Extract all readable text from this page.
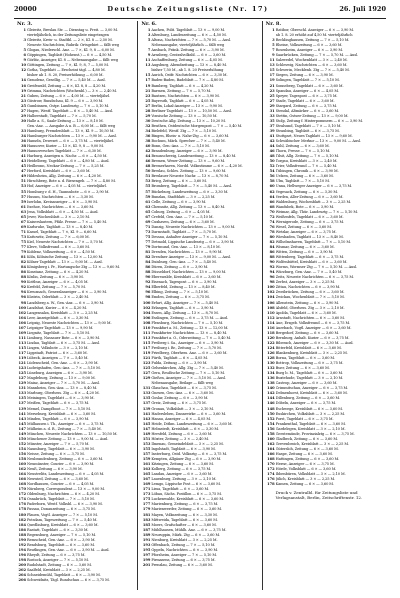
20000	Deutsche Zeitungsliste (Nr. 17)	26. Juli 1920
Nr. 3.
1 Gleiwitz, Breslau Str. — Dienstag u. Freit. — 3,00 M.
vierteljährlich, in der Zeitungsliste eingetragen
3 Gleiwitz, Kreis- u. Stadtbl. — 2 ×, Kl. 8 — 2,50 M.
Neueste Nachrichten, Rubrik: Ortsgebiet — fällt weg
5 Glogau, Niederschl. Anz. — 7 ×, Kl. 9, 8 — 6,00 M.
6 Göppingen, Tagblatt (Hohenst.) — 6 × — 4,50 M.
9 Görlitz, Anzeiger, Kl. 8 — Nebenausgabe — fällt weg
10 Göttingen, Zeitung — 7 ×, Kl. 9, 8, 7 — 5,00 M.
12 Gotha, Tageblatt — Erscheint tägl. — 4,80 M.
bisher ab 1. 8. 20, Preiserhöhung — 6,00 M.
14 Graudenz, Gesellig. — 7 × — 5,40 M. — Ausl.
16 Greifswald, Zeitung — 6 ×, Kl. 8, 8 — 4,20 M.
19 Grimma, Nachrichten (Wochenbl.) — 3 × — 2,40 M.
21 Guben, Zeitung — 6 × — 4,00 M. — vierteljährl.
23 Güstrow, Rundschau, Kl. 9 — 6 × — 3,90 M.
25 Gumbinnen, Ostpr. Landesztg — 7 × — 5,10 M.
27 Hagen, Westf. Tageblatt — 6 × — 5,40 M. — Ausl.
29 Halberstadt, Tageblatt — 7 × — 5,70 M.
30 Halle a. S., Saale-Zeitung — 13 × — 8,10 M.
Gen.-Anz. — Ausgabe A u. B — 6,00 M. — fällt weg
33 Hamburg, Fremdenblatt — 13 ×, Kl. 9 — 10,50 M.
34 Hamburger Nachrichten — 13 × — 9,90 M. — Ausl.
36 Hameln, Dewezet — 6 × — 3,75 M. — vierteljährl.
38 Hannover, Kurier — 13 ×, Kl. 9, 8 — 9,00 M.
39 Hannoversches Tageblatt — 7 × — 6,30 M.
41 Harburg, Anzeigen u. Nachr. — 6 × — 4,50 M.
43 Heidelberg, Tageblatt — 6 × — 4,80 M. — Ausl.
45 Heilbronn, Neckar-Zeitung — 7 × — 5,25 M.
47 Herford, Kreisblatt — 6 × — 3,60 M.
49 Hildesheim, Allg. Zeitung — 6 × — 4,20 M.
51 Hirschberg, Bote a. d. Riesengeb. — 7 × — 4,80 M.
53 Hof, Anzeiger — 6 × — 4,05 M. — vierteljährl.
55 Homburg v. d. H., Taunusbote — 6 × — 3,90 M.
57 Husum, Nachrichten — 6 × — 3,30 M.
59 Iserlohn, Kreisanzeiger — 6 × — 3,90 M.
61 Itzehoe, Nachrichten — 6 × — 3,60 M.
63 Jena, Volksblatt — 6 × — 4,50 M. — Ausl.
65 Jever, Wochenblatt — 3 × — 2,10 M.
67 Kaiserslautern, Pfälz. Presse — 7 × — 5,40 M.
69 Karlsruhe, Tagblatt — 13 × — 8,40 M.
71 Kassel, Tageblatt — 7 ×, Kl. 9 — 6,60 M.
73 Kattowitz, Zeitung — 7 × — 6,00 M.
75 Kiel, Neueste Nachrichten — 7 × — 5,70 M.
77 Kleve, Volksfreund — 6 × — 3,60 M.
79 Koblenz, Volkszeitung — 6 × — 4,50 M.
81 Köln, Kölnische Zeitung — 13 × — 12,00 M.
82 Kölner Tageblatt — 13 × — 9,00 M. — Ausl.
84 Königsberg i. Pr., Hartungsche Ztg — 13 × — 9,60 M.
86 Konstanz, Zeitung — 6 × — 4,20 M.
88 Köslin, Zeitung — 6 × — 3,90 M.
90 Kottbus, Anzeiger — 6 × — 4,05 M.
92 Krefeld, Zeitung — 7 × — 5,70 M.
94 Kreuznach, Generalanzeiger — 6 × — 3,90 M.
96 Küstrin, Oderblatt — 3 × — 2,40 M.
98 Landsberg a. W., Gen.-Anz. — 6 × — 3,90 M.
100 Landshut, Kurier — 6 × — 4,20 M.
102 Langensalza, Kreisblatt — 3 × — 2,25 M.
104 Leer, Anzeigeblatt — 6 × — 3,30 M.
106 Leipzig, Neueste Nachrichten — 13 × — 9,00 M.
107 Leipziger Tageblatt — 13 × — 9,90 M.
109 Liegnitz, Tageblatt — 7 × — 5,10 M.
111 Limburg, Nassauer Bote — 6 × — 3,90 M.
113 Lindau, Tagblatt — 6 × — 3,75 M. — Ausl.
115 Lingen, Volksbote — 3 × — 2,10 M.
117 Lippstadt, Patriot — 6 × — 3,60 M.
119 Lübeck, Anzeigen — 7 × — 5,40 M.
121 Lüdenscheid, Gen.-Anz. — 6 × — 3,90 M.
123 Ludwigshafen, Gen.-Anz. — 7 × — 5,10 M.
125 Lüneburg, Anzeigen — 6 × — 3,90 M.
127 Magdeburg, Zeitung — 13 × — 9,00 M.
129 Mainz, Anzeiger — 7 × — 5,70 M. — Ausl.
131 Mannheim, Gen.-Anz. — 13 × — 8,40 M.
133 Marburg, Oberhess. Ztg — 6 × — 4,20 M.
135 Meiningen, Tageblatt — 6 × — 3,90 M.
137 Meißen, Tageblatt — 6 × — 3,75 M.
139 Memel, Dampfboot — 7 × — 5,10 M.
141 Merseburg, Kreisblatt — 6 × — 3,60 M.
143 Minden, Tageblatt — 6 × — 3,90 M.
145 Mülhausen i. Th., Anzeiger — 6 × — 3,75 M.
147 Mülheim a. d. R., Zeitung — 7 × — 5,40 M.
149 München, Neueste Nachrichten — 13 × — 10,50 M.
150 Münchener Zeitung — 13 × — 9,00 M. — Ausl.
152 Münster, Anzeiger — 7 × — 5,70 M.
154 Naumburg, Tageblatt — 6 × — 3,90 M.
156 Neisse, Zeitung — 6 × — 3,75 M.
158 Neubrandenburg, Zeitung — 6 × — 3,60 M.
160 Neumünster, Courier — 6 × — 3,90 M.
162 Neuß, Zeitung — 6 × — 3,90 M.
164 Neustrelitz, Landeszeitung — 6 × — 4,05 M.
166 Neuwied, Zeitung — 6 × — 3,60 M.
168 Nordhausen, Courier — 6 × — 4,05 M.
170 Nürnberg, Correspondent — 13 × — 9,00 M.
172 Oldenburg, Nachrichten — 6 × — 4,20 M.
174 Osnabrück, Tageblatt — 7 × — 5,10 M.
176 Paderborn, Westf. Volksbl. — 6 × — 3,90 M.
178 Passau, Donauzeitung — 6 × — 3,75 M.
180 Plauen, Vogtl. Anzeiger — 7 × — 5,10 M.
182 Potsdam, Tageszeitung — 7 × — 5,40 M.
184 Quedlinburg, Kreisblatt — 6 × — 3,60 M.
186 Rastatt, Tageblatt — 6 × — 3,30 M.
188 Regensburg, Anzeiger — 7 × — 5,10 M.
190 Remscheid, Gen.-Anz. — 6 × — 3,90 M.
192 Rendsburg, Tageblatt — 6 × — 3,60 M.
194 Reutlingen, Gen.-Anz. — 6 × — 3,90 M. — Ausl.
196 Rheydt, Zeitung — 6 × — 3,75 M.
198 Rostock, Anzeiger — 7 × — 5,10 M.
200 Rudolstadt, Zeitung — 6 × — 3,60 M.
202 Saalfeld, Kreisblatt — 3 × — 2,25 M.
204 Schneidemühl, Tageblatt — 6 × — 3,90 M.
206 Schweidnitz, Tägl. Rundschau — 6 × — 3,75 M.
Nr. 6.
1 Aachen, Polit. Tageblatt — 13 × — 9,00 M.
3 Altenburg, Landeszeitung — 6 × — 4,50 M.
5 Altona, Nachrichten — 7 × — 5,70 M. — Ausl.
Nebenausgabe, vierteljährlich — fällt weg
7 Ansbach, Fränk. Zeitung — 6 × — 3,90 M.
9 Arnsberg, Centralvolksbl. — 6 × — 3,60 M.
11 Aschaffenburg, Zeitung — 6 × — 4,05 M.
13 Augsburg, Abendzeitung — 13 × — 8,40 M.
bisher 7,50 M., ab 1. 8. 20 Preiserhöhung
15 Aurich, Ostfr. Nachrichten — 6 × — 3,30 M.
17 Baden-Baden, Badeblatt — 7 × — 4,80 M.
19 Bamberg, Tagblatt — 6 × — 4,20 M.
21 Barmen, Zeitung — 7 × — 5,70 M.
23 Bautzen, Nachrichten — 6 × — 3,90 M.
25 Bayreuth, Tagblatt — 6 × — 4,05 M.
27 Berlin, Lokal-Anzeiger — 13 × — 9,90 M.
28 Berliner Tageblatt — 13 × — 10,50 M. — Ausl.
29 Vossische Zeitung — 13 × — 10,50 M.
30 Deutsche Allg. Zeitung — 13 × — 10,20 M.
32 Beuthen, Ostdeutsche Morgenpost — 7 × — 5,40 M.
34 Bielefeld, Westf. Ztg — 7 × — 5,10 M.
36 Bingen, Rhein- u. Nahe-Ztg — 6 × — 3,60 M.
38 Bochum, Märk. Sprecher — 7 × — 5,40 M.
40 Bonn, Gen.-Anz. — 7 × — 5,10 M.
42 Brandenburg, Anzeiger — 6 × — 3,90 M.
44 Braunschweig, Landeszeitung — 13 × — 8,40 M.
46 Bremen, Weser-Zeitung — 13 × — 9,60 M.
48 Bremerhaven, Nordd. Volksstimme — 6 × — 4,20 M.
50 Breslau, Schles. Zeitung — 13 × — 9,60 M.
51 Breslauer Neueste Nachr. — 13 × — 8,70 M.
53 Brieg, Zeitung — 6 × — 3,60 M.
55 Bromberg, Tageblatt — 7 × — 5,40 M. — Ausl.
57 Bückeburg, Landeszeitung — 6 × — 3,30 M.
59 Bunzlau, Stadtblatt — 3 × — 2,25 M.
61 Celle, Zeitung — 6 × — 3,90 M.
63 Chemnitz, Allg. Zeitung — 13 × — 8,40 M.
65 Coburg, Zeitung — 6 × — 4,05 M.
67 Crefeld, Gen.-Anz. — 7 × — 5,10 M.
69 Cuxhaven, Zeitung — 6 × — 3,60 M.
71 Danzig, Neueste Nachrichten — 13 × — 9,00 M.
73 Darmstadt, Tagblatt — 7 × — 5,70 M.
75 Dessau, Anhalter Anzeiger — 7 × — 5,10 M.
77 Detmold, Lippische Landesztg — 6 × — 3,90 M.
79 Dortmund, Gen.-Anz. — 13 × — 8,10 M.
81 Dresden, Nachrichten — 13 × — 9,90 M.
82 Dresdner Anzeiger — 13 × — 9,00 M. — Ausl.
84 Duisburg, Gen.-Anz. — 7 × — 5,40 M.
86 Düren, Zeitung — 6 × — 3,90 M.
88 Düsseldorf, Nachrichten — 13 × — 9,00 M.
90 Eberswalde, Kreisblatt — 6 × — 3,60 M.
92 Eisenach, Tagespost — 6 × — 3,90 M.
94 Elberfeld, Zeitung — 13 × — 8,40 M.
96 Elbing, Zeitung — 7 × — 5,10 M.
98 Emden, Zeitung — 6 × — 3,75 M.
100 Erfurt, Allg. Anzeiger — 7 × — 5,40 M.
102 Erlangen, Tagblatt — 6 × — 3,90 M.
104 Essen, Allg. Zeitung — 13 × — 8,70 M.
106 Esslingen, Zeitung — 6 × — 3,75 M. — Ausl.
108 Flensburg, Nachrichten — 7 × — 5,10 M.
110 Frankfurt a. M., Zeitung — 13 × — 12,00 M.
111 Frankfurter Nachrichten — 13 × — 8,40 M.
113 Frankfurt a. O., Oderzeitung — 7 × — 5,40 M.
115 Freiberg i. Sa., Anzeiger — 6 × — 3,90 M.
117 Freiburg i. Br., Zeitung — 7 × — 5,70 M.
119 Friedberg, Oberhess. Anz. — 6 × — 3,60 M.
121 Fürth, Tagblatt — 6 × — 4,05 M.
123 Fulda, Zeitung — 6 × — 3,90 M.
125 Gelsenkirchen, Allg. Ztg — 7 × — 5,40 M.
127 Gera, Reußische Zeitung — 7 × — 5,10 M.
129 Gießen, Anzeiger — 7 × — 5,10 M. — Ausl.
Nebenausgabe, Beilage — fällt weg
131 Glauchau, Tageblatt — 6 × — 3,75 M.
133 Gnesen, Gen.-Anz. — 6 × — 3,60 M.
135 Goslar, Zeitung — 6 × — 3,90 M.
137 Greiz, Zeitung — 6 × — 3,75 M.
139 Gronau, Volksblatt — 3 × — 2,10 M.
141 Hadersleben, Dannevirke — 6 × — 3,60 M.
143 Hanau, Anzeiger — 6 × — 4,05 M.
145 Heide, Dithm. Landeszeitung — 6 × — 3,60 M.
147 Helmstedt, Kreisblatt — 6 × — 3,30 M.
149 Hersfeld, Zeitung — 6 × — 3,60 M.
151 Höxter, Zeitung — 3 × — 2,40 M.
153 Ilmenau, Gemeindeblatt — 3 × — 2,25 M.
155 Ingolstadt, Tagblatt — 6 × — 3,90 M.
157 Insterburg, Ostd. Volksztg — 6 × — 3,75 M.
159 Kempten, Allgäuer Ztg — 6 × — 3,90 M.
161 Kitzingen, Zeitung — 6 × — 3,60 M.
163 Kolberg, Zeitung — 6 × — 3,75 M.
165 Landau, Anzeiger — 6 × — 3,60 M.
167 Lauenburg, Zeitung — 3 × — 2,10 M.
169 Lemgo, Lippische Post — 6 × — 3,60 M.
171 Lissa, Tageblatt — 6 × — 3,60 M.
173 Löbau, Sächs. Postillon — 6 × — 3,75 M.
175 Luckenwalde, Kreisblatt — 6 × — 3,60 M.
177 Marienburg, Zeitung — 6 × — 3,75 M.
179 Marienwerder, Zeitung — 6 × — 3,60 M.
181 Mayen, Volkszeitung — 6 × — 3,30 M.
183 Mittweida, Tageblatt — 6 × — 3,60 M.
185 Moers, Grafschafter — 6 × — 3,60 M.
187 Mühlhausen, Mühlh. Anz. — 6 × — 3,75 M.
189 Neuruppin, Märk. Ztg — 6 × — 3,60 M.
191 Nienburg, Kreisblatt — 3 × — 2,25 M.
193 Offenbach, Zeitung — 7 × — 5,10 M.
195 Oppeln, Nachrichten — 6 × — 3,90 M.
197 Pforzheim, Anzeiger — 7 × — 5,10 M.
199 Pirmasens, Zeitung — 6 × — 3,75 M.
201 Prenzlau, Zeitung — 6 × — 3,60 M.
Nr. 8.
1 Ratibor, Oberschl. Anzeiger — 6 × — 3,90 M.
ab 1. 8. 20 erhöht auf 4,50 M. vierteljährlich
3 Recklinghausen, Zeitung — 7 × — 5,10 M.
5 Rheine, Volkszeitung — 6 × — 3,60 M.
7 Rosenheim, Anzeiger — 6 × — 3,90 M.
9 Saarbrücken, Zeitung — 7 × — 5,70 M. — Ausl.
11 Salzwedel, Wochenblatt — 3 × — 2,40 M.
13 Schleswig, Nachrichten — 6 × — 3,60 M.
15 Schwerin, Mecklenb. Ztg — 7 × — 5,40 M.
17 Siegen, Zeitung — 6 × — 3,90 M.
19 Solingen, Tageblatt — 7 × — 5,10 M.
21 Sonneberg, Tageblatt — 6 × — 3,60 M.
23 Spandau, Anzeiger — 6 × — 4,05 M.
25 Speyer, Tagespost — 6 × — 3,75 M.
27 Stade, Tageblatt — 6 × — 3,60 M.
29 Stargard, Zeitung — 6 × — 3,75 M.
31 Stendal, Altmärker — 6 × — 3,60 M.
33 Stettin, Ostsee-Zeitung — 13 × — 9,00 M.
35 Stolp, Zeitung f. Hinterpommern — 6 × — 3,90 M.
37 Stralsund, Tageblatt — 7 × — 5,10 M.
39 Straubing, Tagblatt — 6 × — 3,75 M.
41 Stuttgart, Neues Tagblatt — 13 × — 9,60 M.
42 Schwäbischer Merkur — 13 × — 9,00 M. — Ausl.
44 Suhl, Zeitung — 6 × — 3,60 M.
46 Thorn, Presse — 7 × — 5,10 M.
48 Tilsit, Allg. Zeitung — 7 × — 5,10 M.
50 Torgau, Kreisblatt — 3 × — 2,40 M.
52 Trier, Volksfreund — 7 × — 5,40 M.
54 Tübingen, Chronik — 6 × — 3,90 M.
56 Uelzen, Zeitung — 6 × — 3,60 M.
58 Ulm, Tagblatt — 7 × — 5,10 M.
60 Unna, Hellweger Anzeiger — 6 × — 3,75 M.
62 Vegesack, Zeitung — 6 × — 3,30 M.
64 Verden, Aller-Zeitung — 6 × — 3,60 M.
66 Waldenburg, Wochenblatt — 3 × — 2,25 M.
68 Wandsbek, Bote — 6 × — 3,90 M.
70 Weimar, Allg. Thür. Landesztg — 7 × — 5,10 M.
72 Weißenfels, Tageblatt — 6 × — 3,60 M.
74 Wernigerode, Zeitung — 6 × — 3,75 M.
76 Wesel, Zeitung — 6 × — 3,60 M.
78 Wetzlar, Anzeiger — 6 × — 3,75 M.
80 Wiesbaden, Tagblatt — 13 × — 8,40 M.
82 Wilhelmshaven, Tageblatt — 7 × — 5,10 M.
84 Wismar, Zeitung — 6 × — 3,60 M.
86 Witten, Zeitung — 6 × — 3,90 M.
88 Wittenberg, Tageblatt — 6 × — 3,75 M.
90 Wolfenbüttel, Kreisblatt — 6 × — 3,60 M.
92 Worms, Wormser Ztg — 7 × — 5,10 M. — Ausl.
94 Würzburg, Gen.-Anz. — 7 × — 5,40 M.
96 Zeitz, Neueste Nachrichten — 6 × — 3,75 M.
98 Zerbst, Anzeiger — 3 × — 2,25 M.
100 Zittau, Nachrichten — 6 × — 3,90 M.
102 Zweibrücken, Zeitung — 6 × — 3,60 M.
104 Zwickau, Wochenblatt — 7 × — 5,10 M.
106 Allenstein, Zeitung — 6 × — 3,90 M.
108 Alsfeld, Oberhess. Ztg — 3 × — 2,10 M.
110 Apolda, Tageblatt — 6 × — 3,60 M.
112 Arnstadt, Nachrichten — 6 × — 3,60 M.
114 Aue, Erzgeb. Volksfreund — 6 × — 3,75 M.
116 Auerbach, Vogtl. Anzeiger — 6 × — 3,60 M.
118 Bergedorf, Zeitung — 6 × — 3,60 M.
120 Bernburg, Anhalt. Kurier — 6 × — 3,75 M.
122 Biberach, Anzeiger — 6 × — 3,30 M. — Ausl.
124 Bitterfeld, Kreisblatt — 6 × — 3,60 M.
126 Blankenburg, Kreisblatt — 3 × — 2,25 M.
128 Borna, Tageblatt — 6 × — 3,60 M.
130 Bottrop, Volkszeitung — 6 × — 3,75 M.
132 Buer, Zeitung — 6 × — 3,60 M.
134 Burg b. M., Tageblatt — 6 × — 3,60 M.
136 Buxtehude, Tageblatt — 3 × — 2,10 M.
138 Castrop, Anzeiger — 6 × — 3,60 M.
140 Crimmitschau, Anzeiger — 6 × — 3,75 M.
142 Delmenhorst, Kreisblatt — 6 × — 3,60 M.
144 Dillenburg, Zeitung — 6 × — 3,60 M.
146 Döbeln, Anzeiger — 6 × — 3,75 M.
148 Eschwege, Kreisblatt — 6 × — 3,60 M.
150 Euskirchen, Volksblatt — 3 × — 2,25 M.
152 Forst, Tageblatt — 6 × — 3,75 M.
154 Frankenthal, Tageblatt — 6 × — 3,60 M.
156 Gardelegen, Kreisblatt — 3 × — 2,10 M.
158 Geestemünde, Provinzialztg — 6 × — 3,75 M.
160 Gladbeck, Zeitung — 6 × — 3,60 M.
162 Grevenbroich, Kreisblatt — 3 × — 2,25 M.
164 Gütersloh, Zeitung — 6 × — 3,60 M.
166 Haspe, Zeitung — 6 × — 3,60 M.
168 Hattingen, Zeitung — 6 × — 3,60 M.
170 Herne, Anzeiger — 6 × — 3,75 M.
172 Hörde, Volksblatt — 6 × — 3,60 M.
174 Ibbenbüren, Volksblatt — 3 × — 2,10 M.
176 Jülich, Kreisblatt — 3 × — 2,25 M.
178 Kamen, Zeitung — 6 × — 3,60 M.
Druck v. Zentralbl. für Zeitungsliste und Verlagsanstalt, Berlin, Zeitschriftenstr. 12.
